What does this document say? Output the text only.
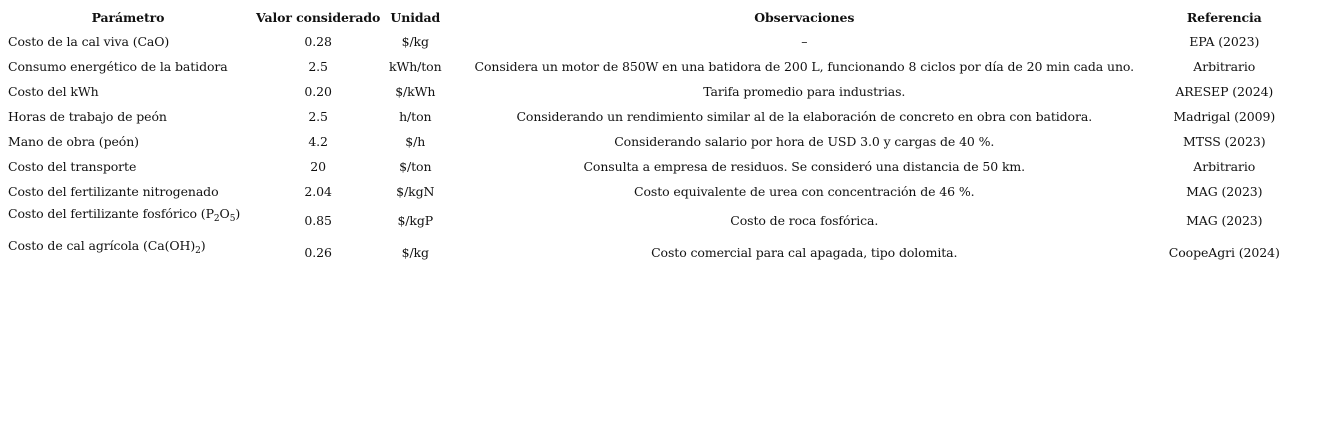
Parámetro	Valor considerado	Unidad	Observaciones	Referencia
Costo de la cal viva (CaO)	0.28	$/kg	–	EPA (2023)
Consumo energético de la batidora	2.5	kWh/ton	Considera un motor de 850W en una batidora de 200 L, funcionando 8 ciclos por día de 20 min cada uno.	Arbitrario
Costo del kWh	0.20	$/kWh	Tarifa promedio para industrias.	ARESEP (2024)
Horas de trabajo de peón	2.5	h/ton	Considerando un rendimiento similar al de la elaboración de concreto en obra con batidora.	Madrigal (2009)
Mano de obra (peón)	4.2	$/h	Considerando salario por hora de USD 3.0 y cargas de 40 %.	MTSS (2023)
Costo del transporte	20	$/ton	Consulta a empresa de residuos. Se consideró una distancia de 50 km.	Arbitrario
Costo del fertilizante nitrogenado	2.04	$/kgN	Costo equivalente de urea con concentración de 46 %.	MAG (2023)
Costo del fertilizante fosfórico $(P_2O_5)$	0.85	$/kgP	Costo de roca fosfórica.	MAG (2023)
Costo de cal agrícola $(Ca(OH)_2)$	0.26	$/kg	Costo comercial para cal apagada, tipo dolomita.	CoopeAgri (2024)
